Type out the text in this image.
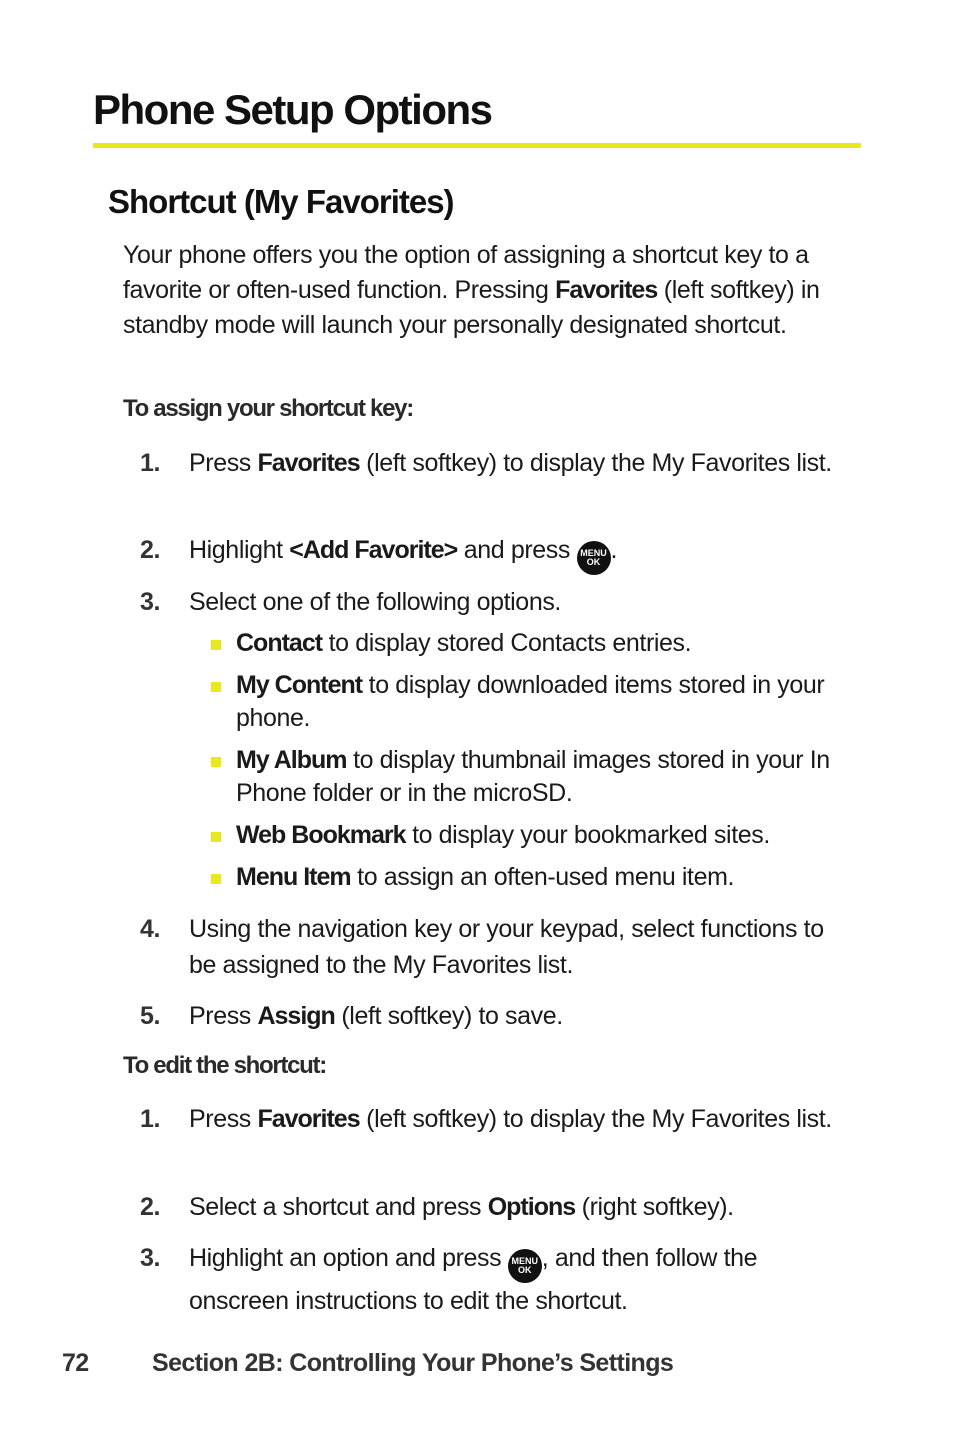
Phone Setup Options
Shortcut (My Favorites)

Your phone offers you the option of assigning a shortcut key to a favorite or often-used function. Pressing Favorites (left softkey) in standby mode will launch your personally designated shortcut.

To assign your shortcut key:
1. Press Favorites (left softkey) to display the My Favorites list.
2. Highlight <Add Favorite> and press MENU
OK .
3. Select one of the following options.
Contact to display stored Contacts entries.
My Content to display downloaded items stored in your phone.
My Album to display thumbnail images stored in your In Phone folder or in the microSD.
Web Bookmark to display your bookmarked sites.
Menu Item to assign an often-used menu item.
4. Using the navigation key or your keypad, select functions to be assigned to the My Favorites list.
5. Press Assign (left softkey) to save.
To edit the shortcut:
1. Press Favorites (left softkey) to display the My Favorites list.
2. Select a shortcut and press Options (right softkey).
3. Highlight an option and press MENU
OK , and then follow the onscreen instructions to edit the shortcut.
72	Section 2B: Controlling Your Phone’s Settings
